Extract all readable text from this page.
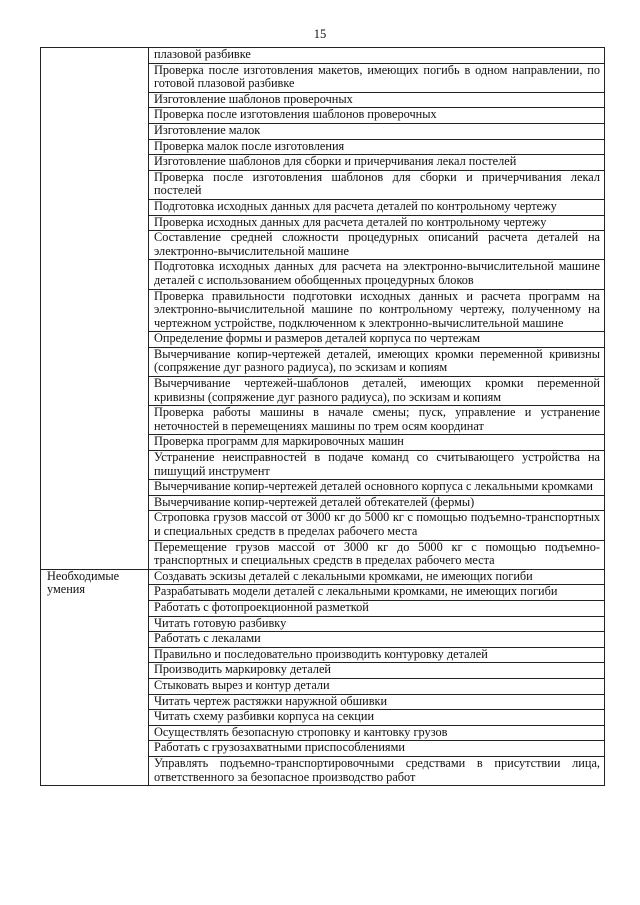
15
	плазовой разбивке
	Проверка после изготовления макетов, имеющих погибь в одном направлении, по готовой плазовой разбивке
	Изготовление шаблонов проверочных
	Проверка после изготовления шаблонов проверочных
	Изготовление малок
	Проверка малок после изготовления
	Изготовление шаблонов для сборки и причерчивания лекал постелей
	Проверка после изготовления шаблонов для сборки и причерчивания лекал постелей
	Подготовка исходных данных для расчета деталей по контрольному чертежу
	Проверка исходных данных для расчета деталей по контрольному чертежу
	Составление средней сложности процедурных описаний расчета деталей на электронно-вычислительной машине
	Подготовка исходных данных для расчета на электронно-вычислительной машине деталей с использованием обобщенных процедурных блоков
	Проверка правильности подготовки исходных данных и расчета программ на электронно-вычислительной машине по контрольному чертежу, полученному на чертежном устройстве, подключенном к электронно-вычислительной машине
	Определение формы и размеров деталей корпуса по чертежам
	Вычерчивание копир-чертежей деталей, имеющих кромки переменной кривизны (сопряжение дуг разного радиуса), по эскизам и копиям
	Вычерчивание чертежей-шаблонов деталей, имеющих кромки переменной кривизны (сопряжение дуг разного радиуса), по эскизам и копиям
	Проверка работы машины в начале смены; пуск, управление и устранение неточностей в перемещениях машины по трем осям координат
	Проверка программ для маркировочных машин
	Устранение неисправностей в подаче команд со считывающего устройства на пишущий инструмент
	Вычерчивание копир-чертежей деталей основного корпуса с лекальными кромками
	Вычерчивание копир-чертежей деталей обтекателей (фермы)
	Строповка грузов массой от 3000 кг до 5000 кг с помощью подъемно-транспортных и специальных средств в пределах рабочего места
	Перемещение грузов массой от 3000 кг до 5000 кг с помощью подъемно-транспортных и специальных средств в пределах рабочего места
Необходимые умения	Создавать эскизы деталей с лекальными кромками, не имеющих погиби
	Разрабатывать модели деталей с лекальными кромками, не имеющих погиби
	Работать с фотопроекционной разметкой
	Читать готовую разбивку
	Работать с лекалами
	Правильно и последовательно производить контуровку деталей
	Производить маркировку деталей
	Стыковать вырез и контур детали
	Читать чертеж растяжки наружной обшивки
	Читать схему разбивки корпуса на секции
	Осуществлять безопасную строповку и кантовку грузов
	Работать с грузозахватными приспособлениями
	Управлять подъемно-транспортировочными средствами в присутствии лица, ответственного за безопасное производство работ
